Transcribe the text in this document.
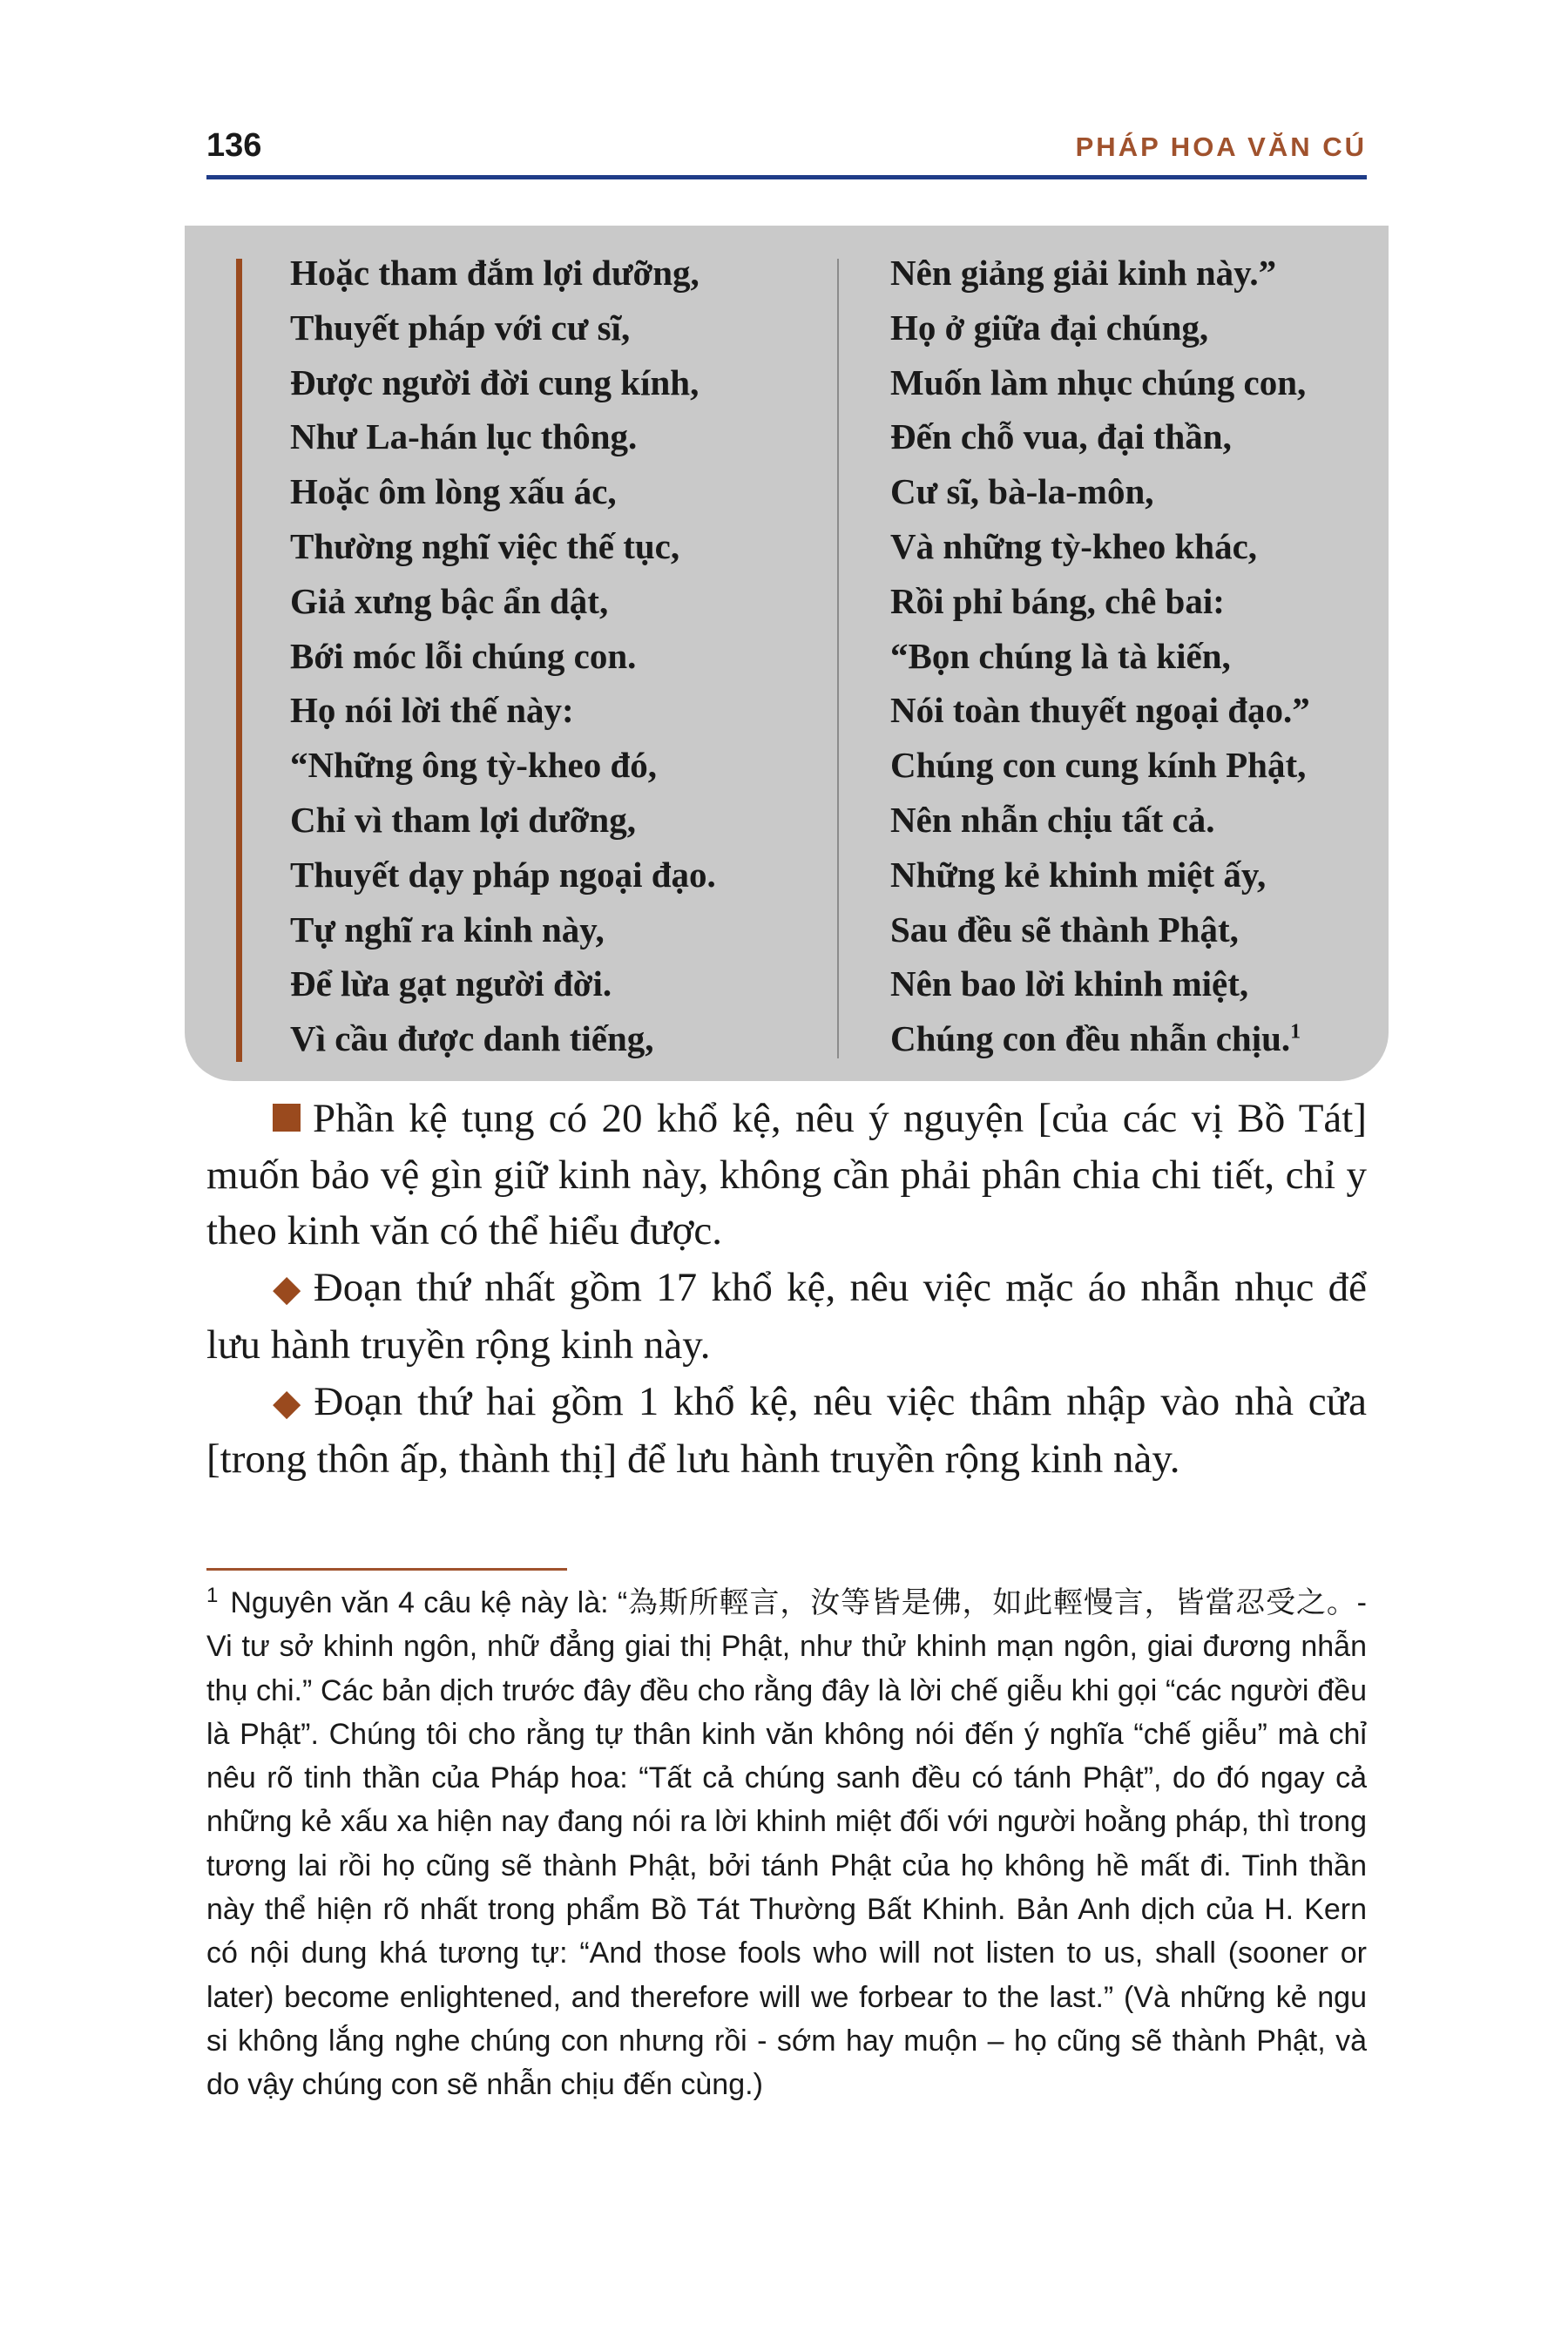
136	PHÁP HOA VĂN CÚ
Hoặc tham đắm lợi dưỡng,
Thuyết pháp với cư sĩ,
Được người đời cung kính,
Như La-hán lục thông.
Hoặc ôm lòng xấu ác,
Thường nghĩ việc thế tục,
Giả xưng bậc ẩn dật,
Bới móc lỗi chúng con.
Họ nói lời thế này:
“Những ông tỳ-kheo đó,
Chỉ vì tham lợi dưỡng,
Thuyết dạy pháp ngoại đạo.
Tự nghĩ ra kinh này,
Để lừa gạt người đời.
Vì cầu được danh tiếng,
Nên giảng giải kinh này.”
Họ ở giữa đại chúng,
Muốn làm nhục chúng con,
Đến chỗ vua, đại thần,
Cư sĩ, bà-la-môn,
Và những tỳ-kheo khác,
Rồi phỉ báng, chê bai:
“Bọn chúng là tà kiến,
Nói toàn thuyết ngoại đạo.”
Chúng con cung kính Phật,
Nên nhẫn chịu tất cả.
Những kẻ khinh miệt ấy,
Sau đều sẽ thành Phật,
Nên bao lời khinh miệt,
Chúng con đều nhẫn chịu.$^1$

Phần kệ tụng có 20 khổ kệ, nêu ý nguyện [của các vị Bồ Tát] muốn bảo vệ gìn giữ kinh này, không cần phải phân chia chi tiết, chỉ y theo kinh văn có thể hiểu được.

◆ Đoạn thứ nhất gồm 17 khổ kệ, nêu việc mặc áo nhẫn nhục để lưu hành truyền rộng kinh này.

◆ Đoạn thứ hai gồm 1 khổ kệ, nêu việc thâm nhập vào nhà cửa [trong thôn ấp, thành thị] để lưu hành truyền rộng kinh này.

$^1$ Nguyên văn 4 câu kệ này là: “為斯所輕言，汝等皆是佛，如此輕慢言，皆當忍受之。- Vi tư sở khinh ngôn, nhữ đẳng giai thị Phật, như thử khinh mạn ngôn, giai đương nhẫn thụ chi.” Các bản dịch trước đây đều cho rằng đây là lời chế giễu khi gọi “các người đều là Phật”. Chúng tôi cho rằng tự thân kinh văn không nói đến ý nghĩa “chế giễu” mà chỉ nêu rõ tinh thần của Pháp hoa: “Tất cả chúng sanh đều có tánh Phật”, do đó ngay cả những kẻ xấu xa hiện nay đang nói ra lời khinh miệt đối với người hoằng pháp, thì trong tương lai rồi họ cũng sẽ thành Phật, bởi tánh Phật của họ không hề mất đi. Tinh thần này thể hiện rõ nhất trong phẩm Bồ Tát Thường Bất Khinh. Bản Anh dịch của H. Kern có nội dung khá tương tự: “And those fools who will not listen to us, shall (sooner or later) become enlightened, and therefore will we forbear to the last.” (Và những kẻ ngu si không lắng nghe chúng con nhưng rồi - sớm hay muộn – họ cũng sẽ thành Phật, và do vậy chúng con sẽ nhẫn chịu đến cùng.)
